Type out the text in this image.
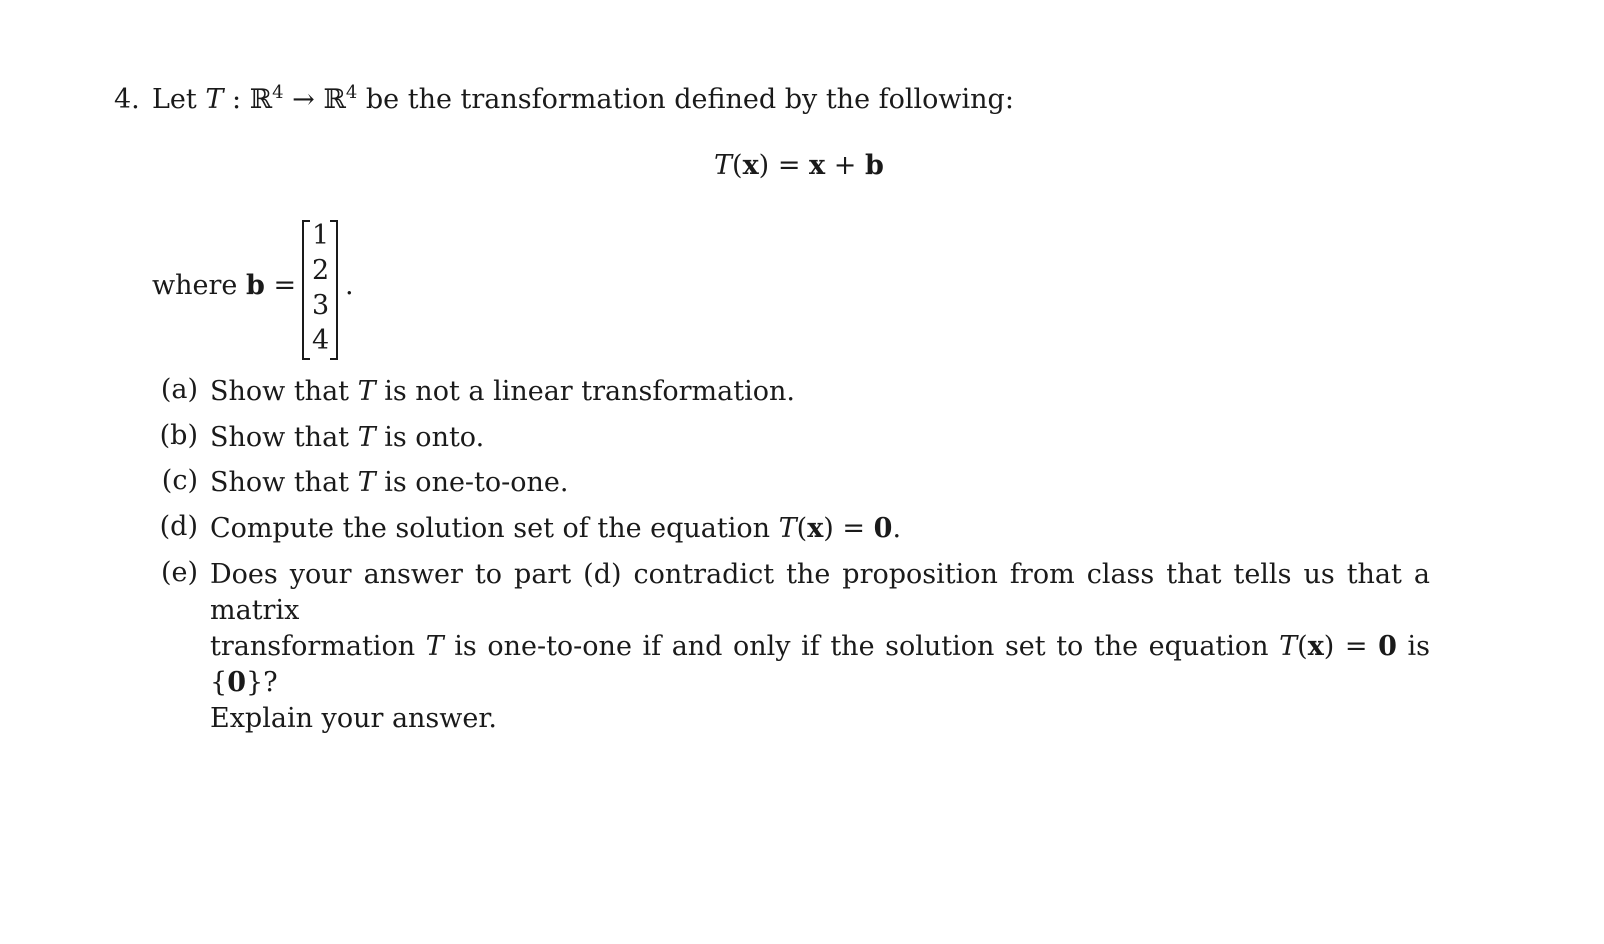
4. Let T : ℝ$^4$ → ℝ$^4$ be the transformation defined by the following:
T(x) = x + b
where b =
1
2
3
4
.
(a) Show that T is not a linear transformation.
(b) Show that T is onto.
(c) Show that T is one-to-one.
(d) Compute the solution set of the equation T(x) = 0.
(e) Does your answer to part (d) contradict the proposition from class that tells us that a matrix
transformation T is one-to-one if and only if the solution set to the equation T(x) = 0 is {0}?
Explain your answer.
